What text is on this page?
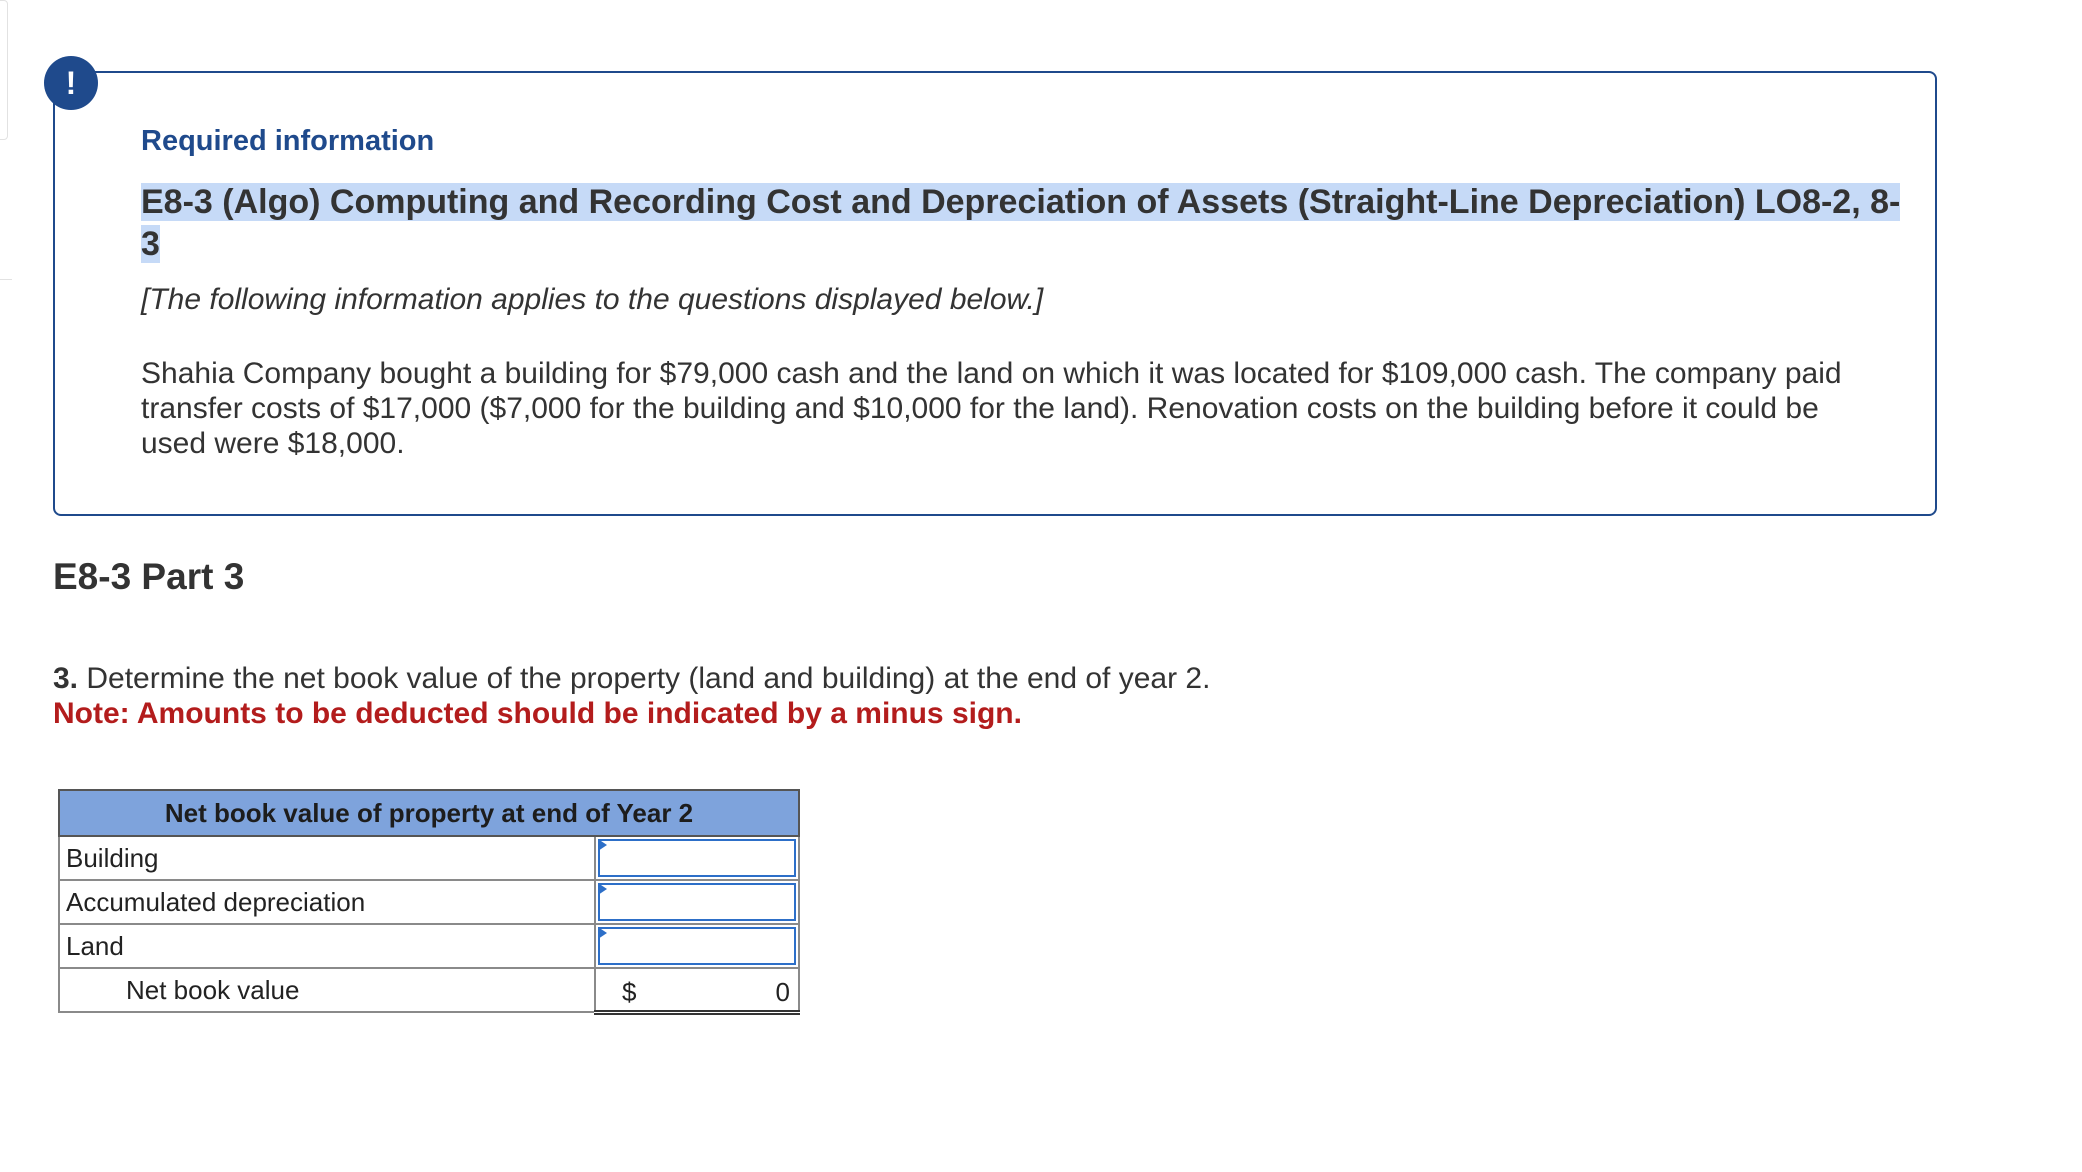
!
Required information

E8-3 (Algo) Computing and Recording Cost and Depreciation of Assets (Straight-Line Depreciation) LO8-2, 8-3

[The following information applies to the questions displayed below.]
Shahia Company bought a building for $79,000 cash and the land on which it was located for $109,000 cash. The company paid transfer costs of $17,000 ($7,000 for the building and $10,000 for the land). Renovation costs on the building before it could be used were $18,000.
E8-3 Part 3
3. Determine the net book value of the property (land and building) at the end of year 2.
Note: Amounts to be deducted should be indicated by a minus sign.
Net book value of property at end of Year 2	
Building	

Accumulated depreciation	

Land	

Net book value	$ 0
